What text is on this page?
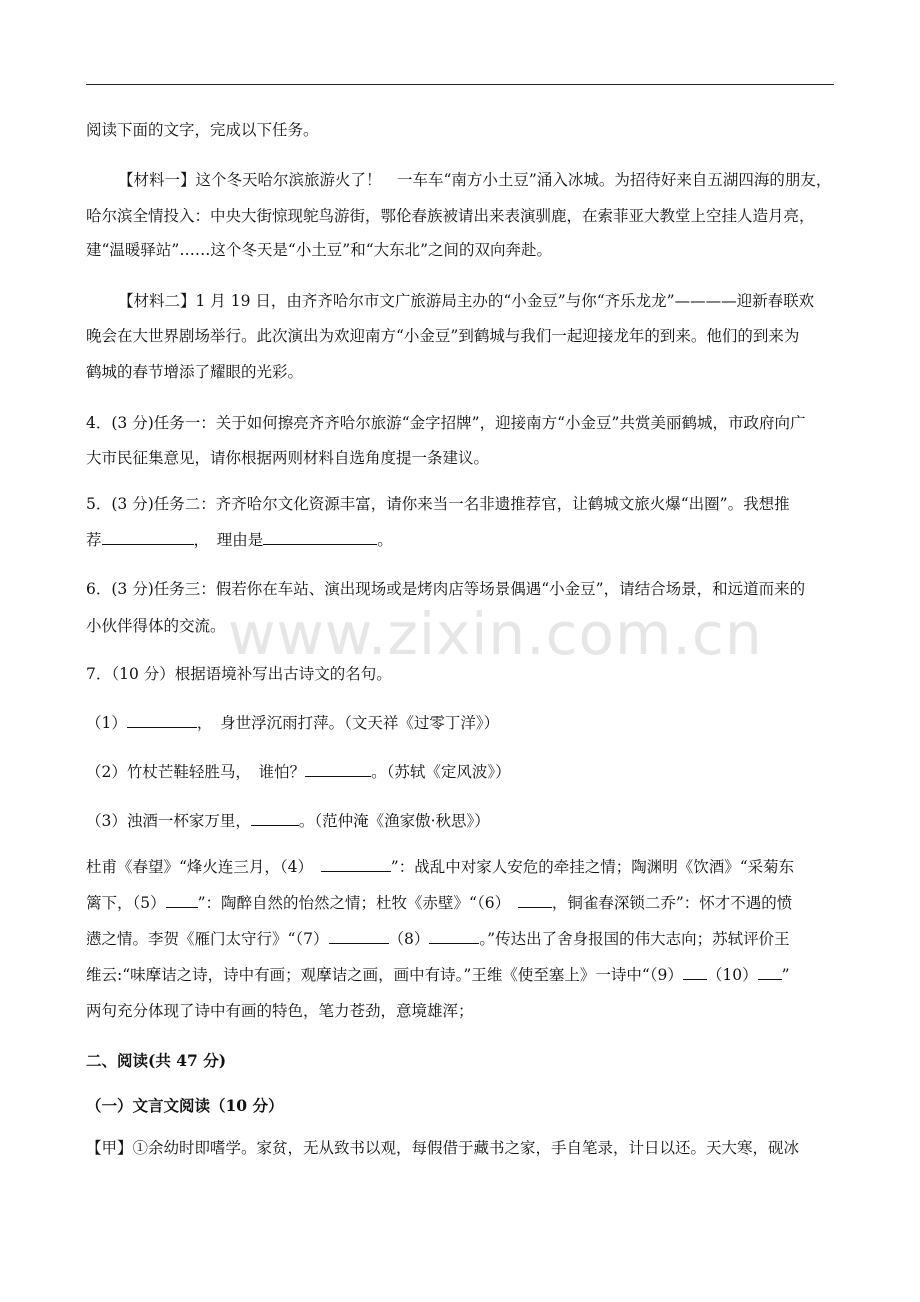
阅读下面的文字，完成以下任务。
【材料一】这个冬天哈尔滨旅游火了！　一车车“南方小土豆”涌入冰城。为招待好来自五湖四海的朋友，
哈尔滨全情投入：中央大街惊现鸵鸟游街，鄂伦春族被请出来表演驯鹿，在索菲亚大教堂上空挂人造月亮，
建“温暖驿站”……这个冬天是“小土豆”和“大东北”之间的双向奔赴。
【材料二】1 月 19 日，由齐齐哈尔市文广旅游局主办的“小金豆”与你“齐乐龙龙”————迎新春联欢
晚会在大世界剧场举行。此次演出为欢迎南方“小金豆”到鹤城与我们一起迎接龙年的到来。他们的到来为
鹤城的春节增添了耀眼的光彩。
4．(3 分)任务一：关于如何擦亮齐齐哈尔旅游“金字招牌”，迎接南方“小金豆”共赏美丽鹤城，市政府向广
大市民征集意见，请你根据两则材料自选角度提一条建议。
5．(3 分)任务二：齐齐哈尔文化资源丰富，请你来当一名非遗推荐官，让鹤城文旅火爆“出圈”。我想推
荐	，　理由是	。
6．(3 分)任务三：假若你在车站、演出现场或是烤肉店等场景偶遇“小金豆”，请结合场景，和远道而来的
小伙伴得体的交流。 www.zixin.com.cn
7．（10 分）根据语境补写出古诗文的名句。
（1）	，　身世浮沉雨打萍。（文天祥《过零丁洋》）
（2）竹杖芒鞋轻胜马，　谁怕？	。（苏轼《定风波》）
（3）浊酒一杯家万里，	。（范仲淹《渔家傲·秋思》）
杜甫《春望》“烽火连三月，（4）　	”：战乱中对家人安危的牵挂之情；陶渊明《饮酒》“采菊东
篱下，（5） ”：陶醉自然的怡然之情；杜牧《赤壁》“（6）　，铜雀春深锁二乔”：怀才不遇的愤
懑之情。李贺《雁门太守行》“（7）	（8）	。”传达出了舍身报国的伟大志向；苏轼评价王
维云:“味摩诘之诗，诗中有画；观摩诘之画，画中有诗。”王维《使至塞上》一诗中“（9） （10） ”
两句充分体现了诗中有画的特色，笔力苍劲，意境雄浑；
二、阅读(共 47 分)
（一）文言文阅读（10 分）
【甲】①余幼时即嗜学。家贫，无从致书以观，每假借于藏书之家，手自笔录，计日以还。天大寒，砚冰
